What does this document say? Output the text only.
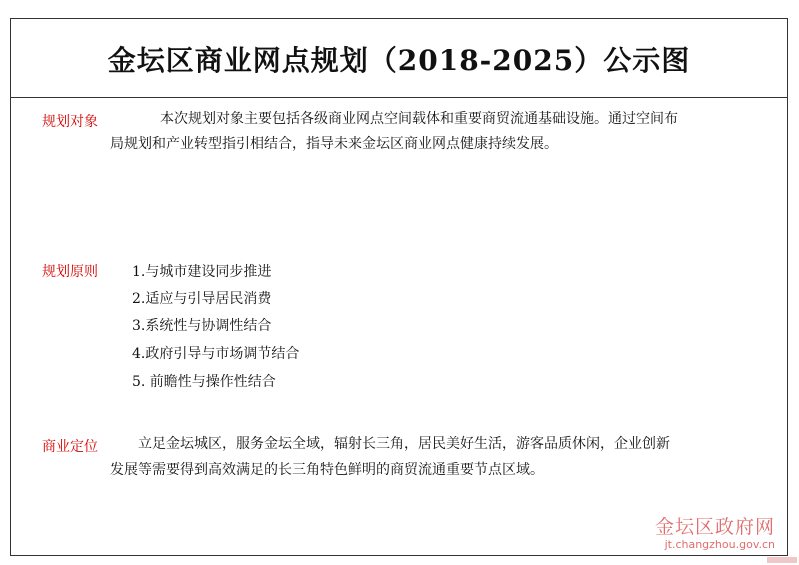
金坛区商业网点规划（2018-2025）公示图
规划对象	本次规划对象主要包括各级商业网点空间载体和重要商贸流通基础设施。通过空间布
局规划和产业转型指引相结合，指导未来金坛区商业网点健康持续发展。
规划原则 1.与城市建设同步推进
2.适应与引导居民消费
3.系统性与协调性结合
4.政府引导与市场调节结合
5. 前瞻性与操作性结合
商业定位	立足金坛城区，服务金坛全域，辐射长三角，居民美好生活，游客品质休闲，企业创新
发展等需要得到高效满足的长三角特色鲜明的商贸流通重要节点区域。
金坛区政府网
jt.changzhou.gov.cn
